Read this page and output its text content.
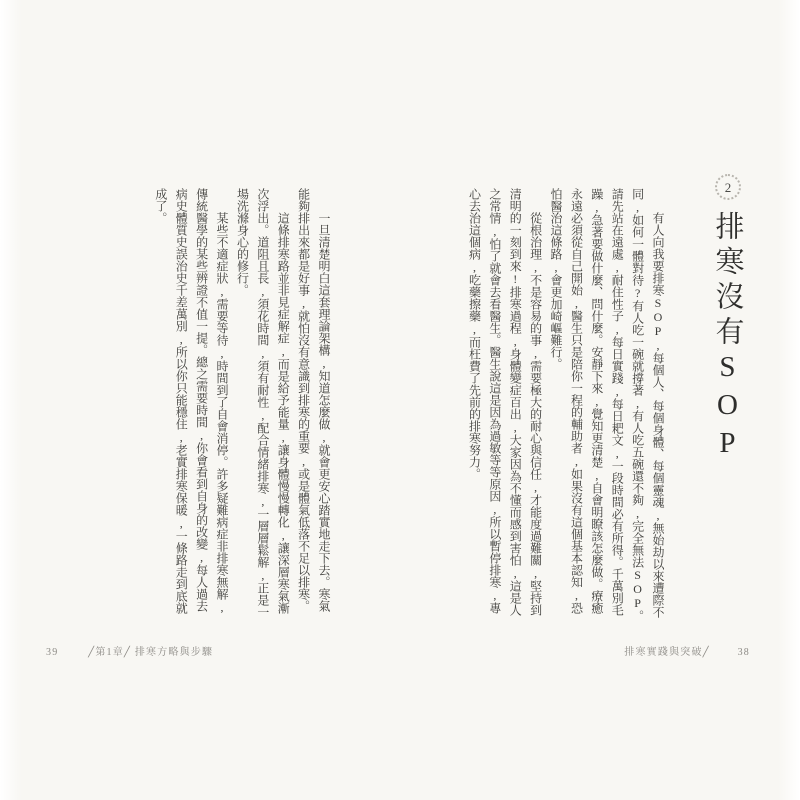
2
排寒沒有SOP

有人向我要排寒SOP,每個人、每個身體、每個靈魂,無始劫以來遭際不同,如何一體對待?有人吃一碗就撐著,有人吃五碗還不夠,完全無法SOP。請先站在遠處,耐住性子,每日實踐,每日耙文,一段時間必有所得。千萬別毛躁,急著要做什麼、問什麼。安靜下來,覺知更清楚,自會明瞭該怎麼做。療癒永遠必須從自己開始,醫生只是陪你一程的輔助者,如果沒有這個基本認知,恐怕醫治這條路,會更加崎嶇難行。

從根治理,不是容易的事,需要極大的耐心與信任,才能度過難關,堅持到清明的一刻到來!排寒過程,身體變症百出,大家因為不懂而感到害怕,這是人之常情,怕了就會去看醫生。醫生說這是因為過敏等等原因,所以暫停排寒,專心去治這個病,吃藥擦藥,而枉費了先前的排寒努力。

排寒實踐與突破╱	38

一旦清楚明白這套理論架構,知道怎麼做,就會更安心踏實地走下去。寒氣能夠排出來都是好事,就怕沒有意識到排寒的重要,或是體氣低落不足以排寒。

這條排寒路並非見症解症,而是給予能量,讓身體慢慢轉化,讓深層寒氣漸次浮出。道阻且長,須花時間,須有耐性,配合情緒排寒,一層層鬆解,正是一場洗滌身心的修行。

某些不適症狀,需要等待,時間到了自會消停。許多疑難病症非排寒無解,傳統醫學的某些辨證不值一提。總之需要時間,你會看到自身的改變,每人過去病史體質史誤治史千差萬別,所以你只能穩住,老實排寒保暖,一條路走到底就成了。

39	╱第1章╱ 排寒方略與步驟
